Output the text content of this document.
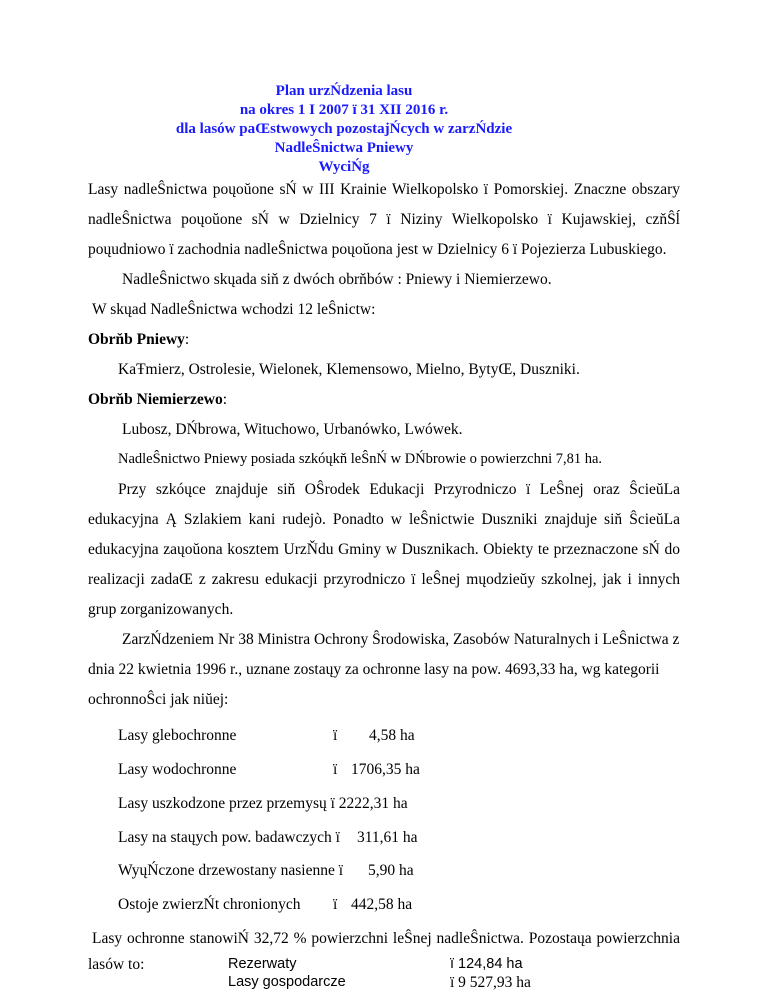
Plan urzŃdzenia lasu
na okres 1 I 2007 ï 31 XII 2016 r.
dla lasów paŒstwowych pozostajŃcych w zarzŃdzie
NadleŜnictwa Pniewy
WyciŃg
Lasy nadleŜnictwa poųoŭone sŃ w III Krainie Wielkopolsko ï Pomorskiej. Znaczne obszary
nadleŜnictwa poųoŭone sŃ w Dzielnicy 7 ï Niziny Wielkopolsko ï Kujawskiej, czňŜĺ
poųudniowo ï zachodnia nadleŜnictwa poųoŭona jest w Dzielnicy 6 ï Pojezierza Lubuskiego.
NadleŜnictwo skųada siň z dwóch obrňbów : Pniewy i Niemierzewo.
W skųad NadleŜnictwa wchodzi 12 leŜnictw:
Obrňb Pniewy:
KaŦmierz, Ostrolesie, Wielonek, Klemensowo, Mielno, BytyŒ, Duszniki.
Obrňb Niemierzewo:
Lubosz, DŃbrowa, Wituchowo, Urbanówko, Lwówek.
NadleŜnictwo Pniewy posiada szkóųkň leŜnŃ w DŃbrowie o powierzchni 7,81 ha.
Przy szkóųce znajduje siň OŜrodek Edukacji Przyrodniczo ï LeŜnej oraz ŜcieŭLa
edukacyjna Ą Szlakiem kani rudejò. Ponadto w leŜnictwie Duszniki znajduje siň ŜcieŭLa
edukacyjna zaųoŭona kosztem UrzŇdu Gminy w Dusznikach. Obiekty te przeznaczone sŃ do
realizacji zadaŒ z zakresu edukacji przyrodniczo ï leŜnej mųodzieŭy szkolnej, jak i innych
grup zorganizowanych.
ZarzŃdzeniem Nr 38 Ministra Ochrony Ŝrodowiska, Zasobów Naturalnych i LeŜnictwa z
dnia 22 kwietnia 1996 r., uznane zostaųy za ochronne lasy na pow. 4693,33 ha, wg kategorii
ochronnoŜci jak niŭej:
Lasy glebochronne	ï 4,58 ha
Lasy wodochronne	ï 1706,35 ha
Lasy uszkodzone przez przemysų ï 2222,31 ha
Lasy na staųych pow. badawczych ï 311,61 ha
WyųŃczone drzewostany nasienne ï 5,90 ha
Ostoje zwierzŃt chronionych ï 442,58 ha
Lasy ochronne stanowiŃ 32,72 % powierzchni leŜnej nadleŜnictwa. Pozostaųa powierzchnia
lasów to:	Rezerwaty	ï 124,84 ha
Lasy gospodarcze	ï 9 527,93 ha
